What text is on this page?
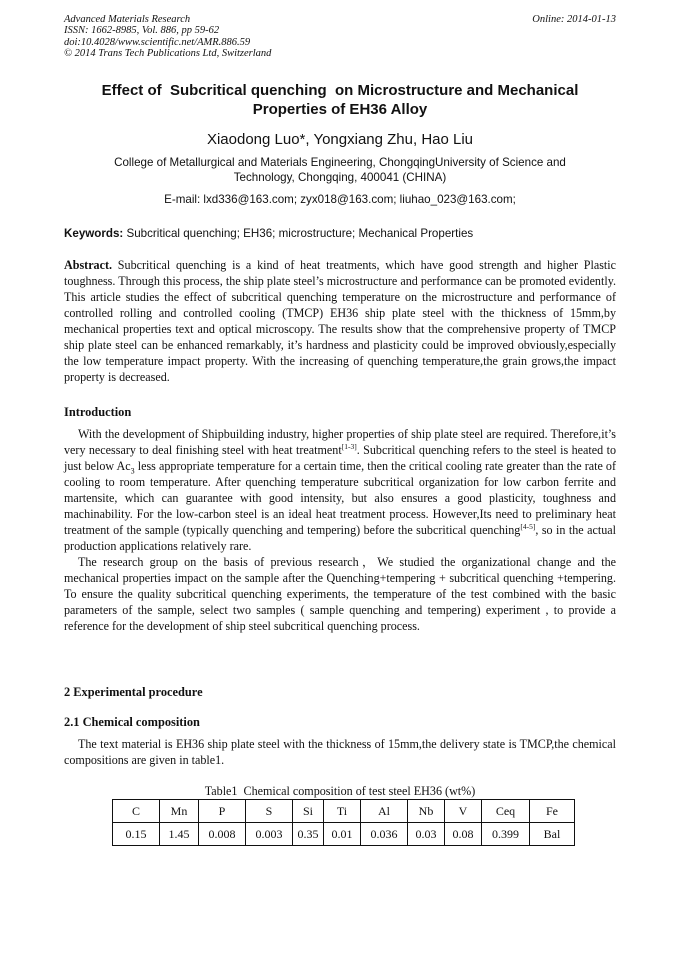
Advanced Materials Research
ISSN: 1662-8985, Vol. 886, pp 59-62
doi:10.4028/www.scientific.net/AMR.886.59
© 2014 Trans Tech Publications Ltd, Switzerland
Online: 2014-01-13
Effect of  Subcritical quenching  on Microstructure and Mechanical
Properties of EH36 Alloy
Xiaodong Luo*, Yongxiang Zhu, Hao Liu
College of Metallurgical and Materials Engineering, ChongqingUniversity of Science and
Technology, Chongqing, 400041 (CHINA)
E-mail: lxd336@163.com; zyx018@163.com; liuhao_023@163.com;
Keywords: Subcritical quenching; EH36; microstructure; Mechanical Properties
Abstract. Subcritical quenching is a kind of heat treatments, which have good strength and higher Plastic toughness. Through this process, the ship plate steel’s microstructure and performance can be promoted evidently. This article studies the effect of subcritical quenching temperature on the microstructure and performance of controlled rolling and controlled cooling (TMCP) EH36 ship plate steel with the thickness of 15mm,by mechanical properties text and optical microscopy. The results show that the comprehensive property of TMCP ship plate steel can be enhanced remarkably, it’s hardness and plasticity could be improved obviously,especially the low temperature impact property. With the increasing of quenching temperature,the grain grows,the impact property is decreased.
Introduction

With the development of Shipbuilding industry, higher properties of ship plate steel are required. Therefore,it’s very necessary to deal finishing steel with heat treatment[1-3]. Subcritical quenching refers to the steel is heated to just below $Ac_3$ less appropriate temperature for a certain time, then the critical cooling rate greater than the rate of cooling to room temperature. After quenching temperature subcritical organization for low carbon ferrite and martensite, which can guarantee with good intensity, but also ensures a good plasticity, toughness and machinability. For the low-carbon steel is an ideal heat treatment process. However,Its need to preliminary heat treatment of the sample (typically quenching and tempering) before the subcritical quenching[4-5], so in the actual production applications relatively rare.

The research group on the basis of previous research，We studied the organizational change and the mechanical properties impact on the sample after the Quenching+tempering + subcritical quenching +tempering. To ensure the quality subcritical quenching experiments, the temperature of the test combined with the basic parameters of the sample, select two samples ( sample quenching and tempering) experiment , to provide a reference for the development of ship steel subcritical quenching process.

2 Experimental procedure
2.1 Chemical composition

The text material is EH36 ship plate steel with the thickness of 15mm,the delivery state is TMCP,the chemical compositions are given in table1.

Table1  Chemical composition of test steel EH36 (wt%)
C	Mn	P	S	Si	Ti	Al	Nb	V	Ceq	Fe
0.15	1.45	0.008	0.003	0.35	0.01	0.036	0.03	0.08	0.399	Bal
